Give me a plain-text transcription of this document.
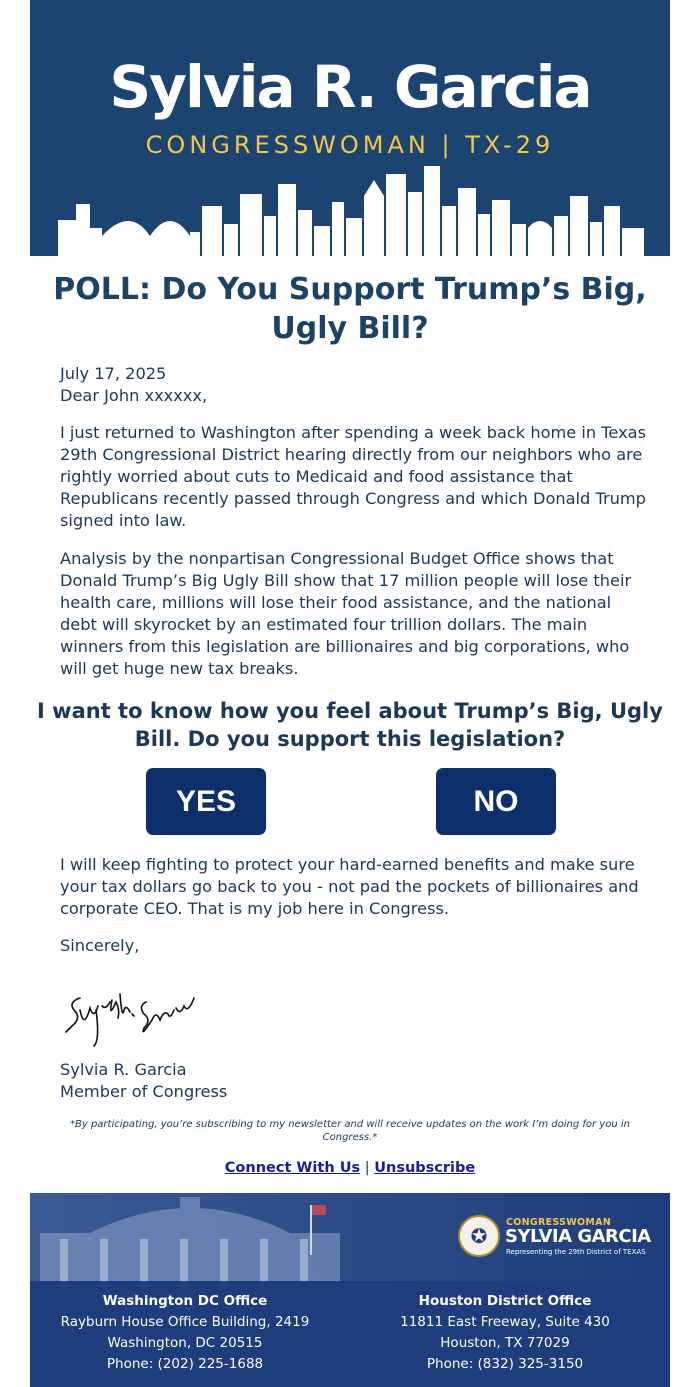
Sylvia R. Garcia
CONGRESSWOMAN | TX-29
POLL: Do You Support Trump’s Big, Ugly Bill?
July 17, 2025
Dear John xxxxxx,
I just returned to Washington after spending a week back home in Texas 29th Congressional District hearing directly from our neighbors who are rightly worried about cuts to Medicaid and food assistance that Republicans recently passed through Congress and which Donald Trump signed into law.
Analysis by the nonpartisan Congressional Budget Office shows that Donald Trump’s Big Ugly Bill show that 17 million people will lose their health care, millions will lose their food assistance, and the national debt will skyrocket by an estimated four trillion dollars. The main winners from this legislation are billionaires and big corporations, who will get huge new tax breaks.
I want to know how you feel about Trump’s Big, Ugly Bill. Do you support this legislation?
YES	NO
I will keep fighting to protect your hard-earned benefits and make sure your tax dollars go back to you - not pad the pockets of billionaires and corporate CEO. That is my job here in Congress.
Sincerely,
Sylvia R. Garcia
Member of Congress
*By participating, you’re subscribing to my newsletter and will receive updates on the work I’m doing for you in Congress.*
Connect With Us | Unsubscribe
✪
CONGRESSWOMAN
SYLVIA GARCIA
Representing the 29th District of TEXAS
Washington DC Office
Rayburn House Office Building, 2419
Washington, DC 20515
Phone: (202) 225-1688
Houston District Office
11811 East Freeway, Suite 430
Houston, TX 77029
Phone: (832) 325-3150
